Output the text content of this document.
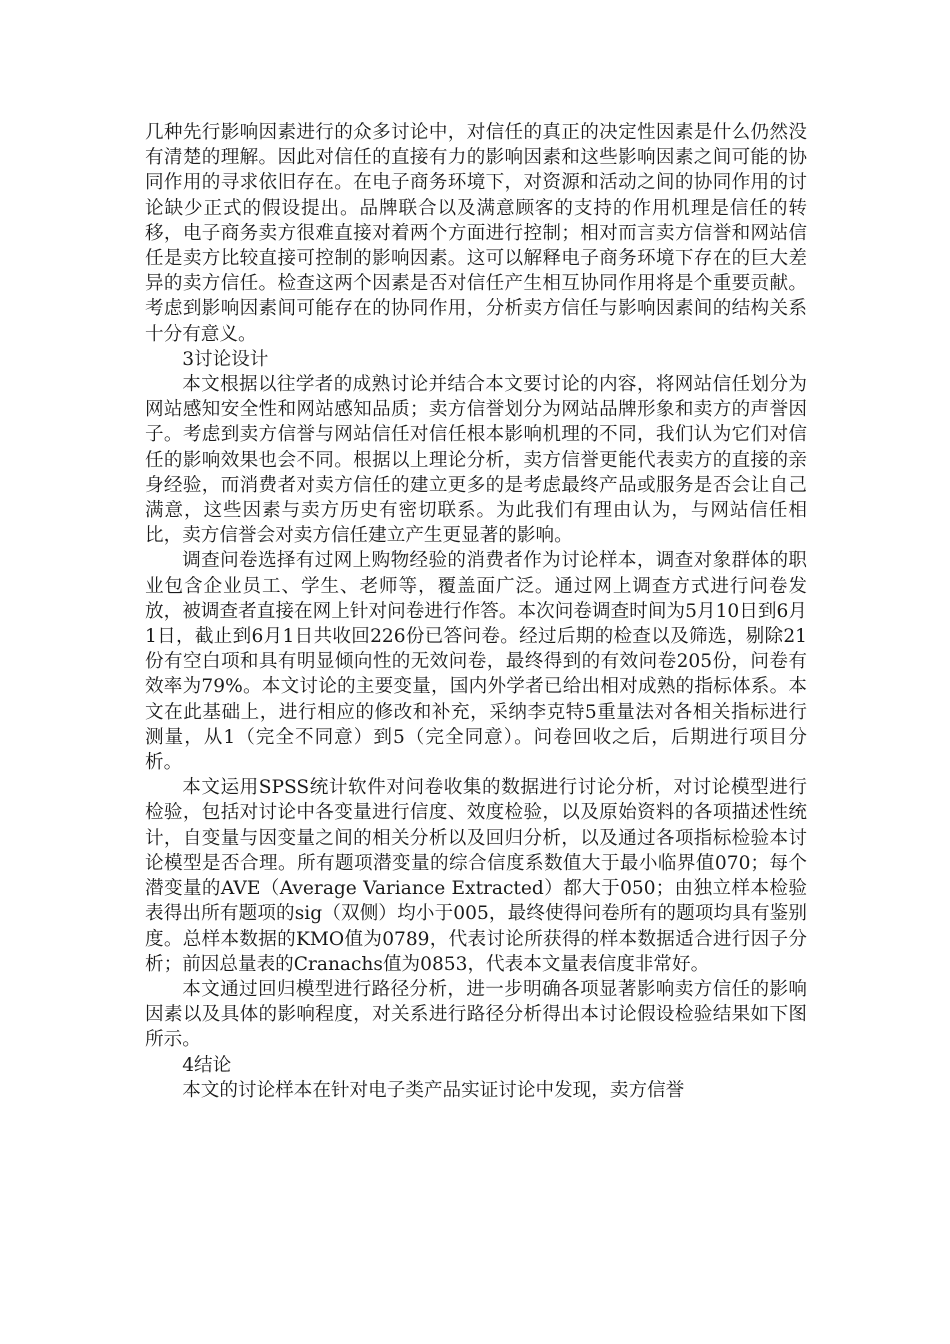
几种先行影响因素进行的众多讨论中，对信任的真正的决定性因素是什么仍然没有清楚的理解。因此对信任的直接有力的影响因素和这些影响因素之间可能的协同作用的寻求依旧存在。在电子商务环境下，对资源和活动之间的协同作用的讨论缺少正式的假设提出。品牌联合以及满意顾客的支持的作用机理是信任的转移，电子商务卖方很难直接对着两个方面进行控制；相对而言卖方信誉和网站信任是卖方比较直接可控制的影响因素。这可以解释电子商务环境下存在的巨大差异的卖方信任。检查这两个因素是否对信任产生相互协同作用将是个重要贡献。考虑到影响因素间可能存在的协同作用，分析卖方信任与影响因素间的结构关系十分有意义。

3讨论设计

本文根据以往学者的成熟讨论并结合本文要讨论的内容，将网站信任划分为网站感知安全性和网站感知品质；卖方信誉划分为网站品牌形象和卖方的声誉因子。考虑到卖方信誉与网站信任对信任根本影响机理的不同，我们认为它们对信任的影响效果也会不同。根据以上理论分析，卖方信誉更能代表卖方的直接的亲身经验，而消费者对卖方信任的建立更多的是考虑最终产品或服务是否会让自己满意，这些因素与卖方历史有密切联系。为此我们有理由认为，与网站信任相比，卖方信誉会对卖方信任建立产生更显著的影响。

调查问卷选择有过网上购物经验的消费者作为讨论样本，调查对象群体的职业包含企业员工、学生、老师等，覆盖面广泛。通过网上调查方式进行问卷发放，被调查者直接在网上针对问卷进行作答。本次问卷调查时间为5月10日到6月1日，截止到6月1日共收回226份已答问卷。经过后期的检查以及筛选，剔除21份有空白项和具有明显倾向性的无效问卷，最终得到的有效问卷205份，问卷有效率为79%。本文讨论的主要变量，国内外学者已给出相对成熟的指标体系。本文在此基础上，进行相应的修改和补充，采纳李克特5重量法对各相关指标进行测量，从1（完全不同意）到5（完全同意）。问卷回收之后，后期进行项目分析。

本文运用SPSS统计软件对问卷收集的数据进行讨论分析，对讨论模型进行检验，包括对讨论中各变量进行信度、效度检验，以及原始资料的各项描述性统计，自变量与因变量之间的相关分析以及回归分析，以及通过各项指标检验本讨论模型是否合理。所有题项潜变量的综合信度系数值大于最小临界值070；每个潜变量的AVE（Average Variance Extracted）都大于050；由独立样本检验表得出所有题项的sig（双侧）均小于005，最终使得问卷所有的题项均具有鉴别度。总样本数据的KMO值为0789，代表讨论所获得的样本数据适合进行因子分析；前因总量表的Cranachs值为0853，代表本文量表信度非常好。

本文通过回归模型进行路径分析，进一步明确各项显著影响卖方信任的影响因素以及具体的影响程度，对关系进行路径分析得出本讨论假设检验结果如下图所示。

4结论

本文的讨论样本在针对电子类产品实证讨论中发现，卖方信誉
